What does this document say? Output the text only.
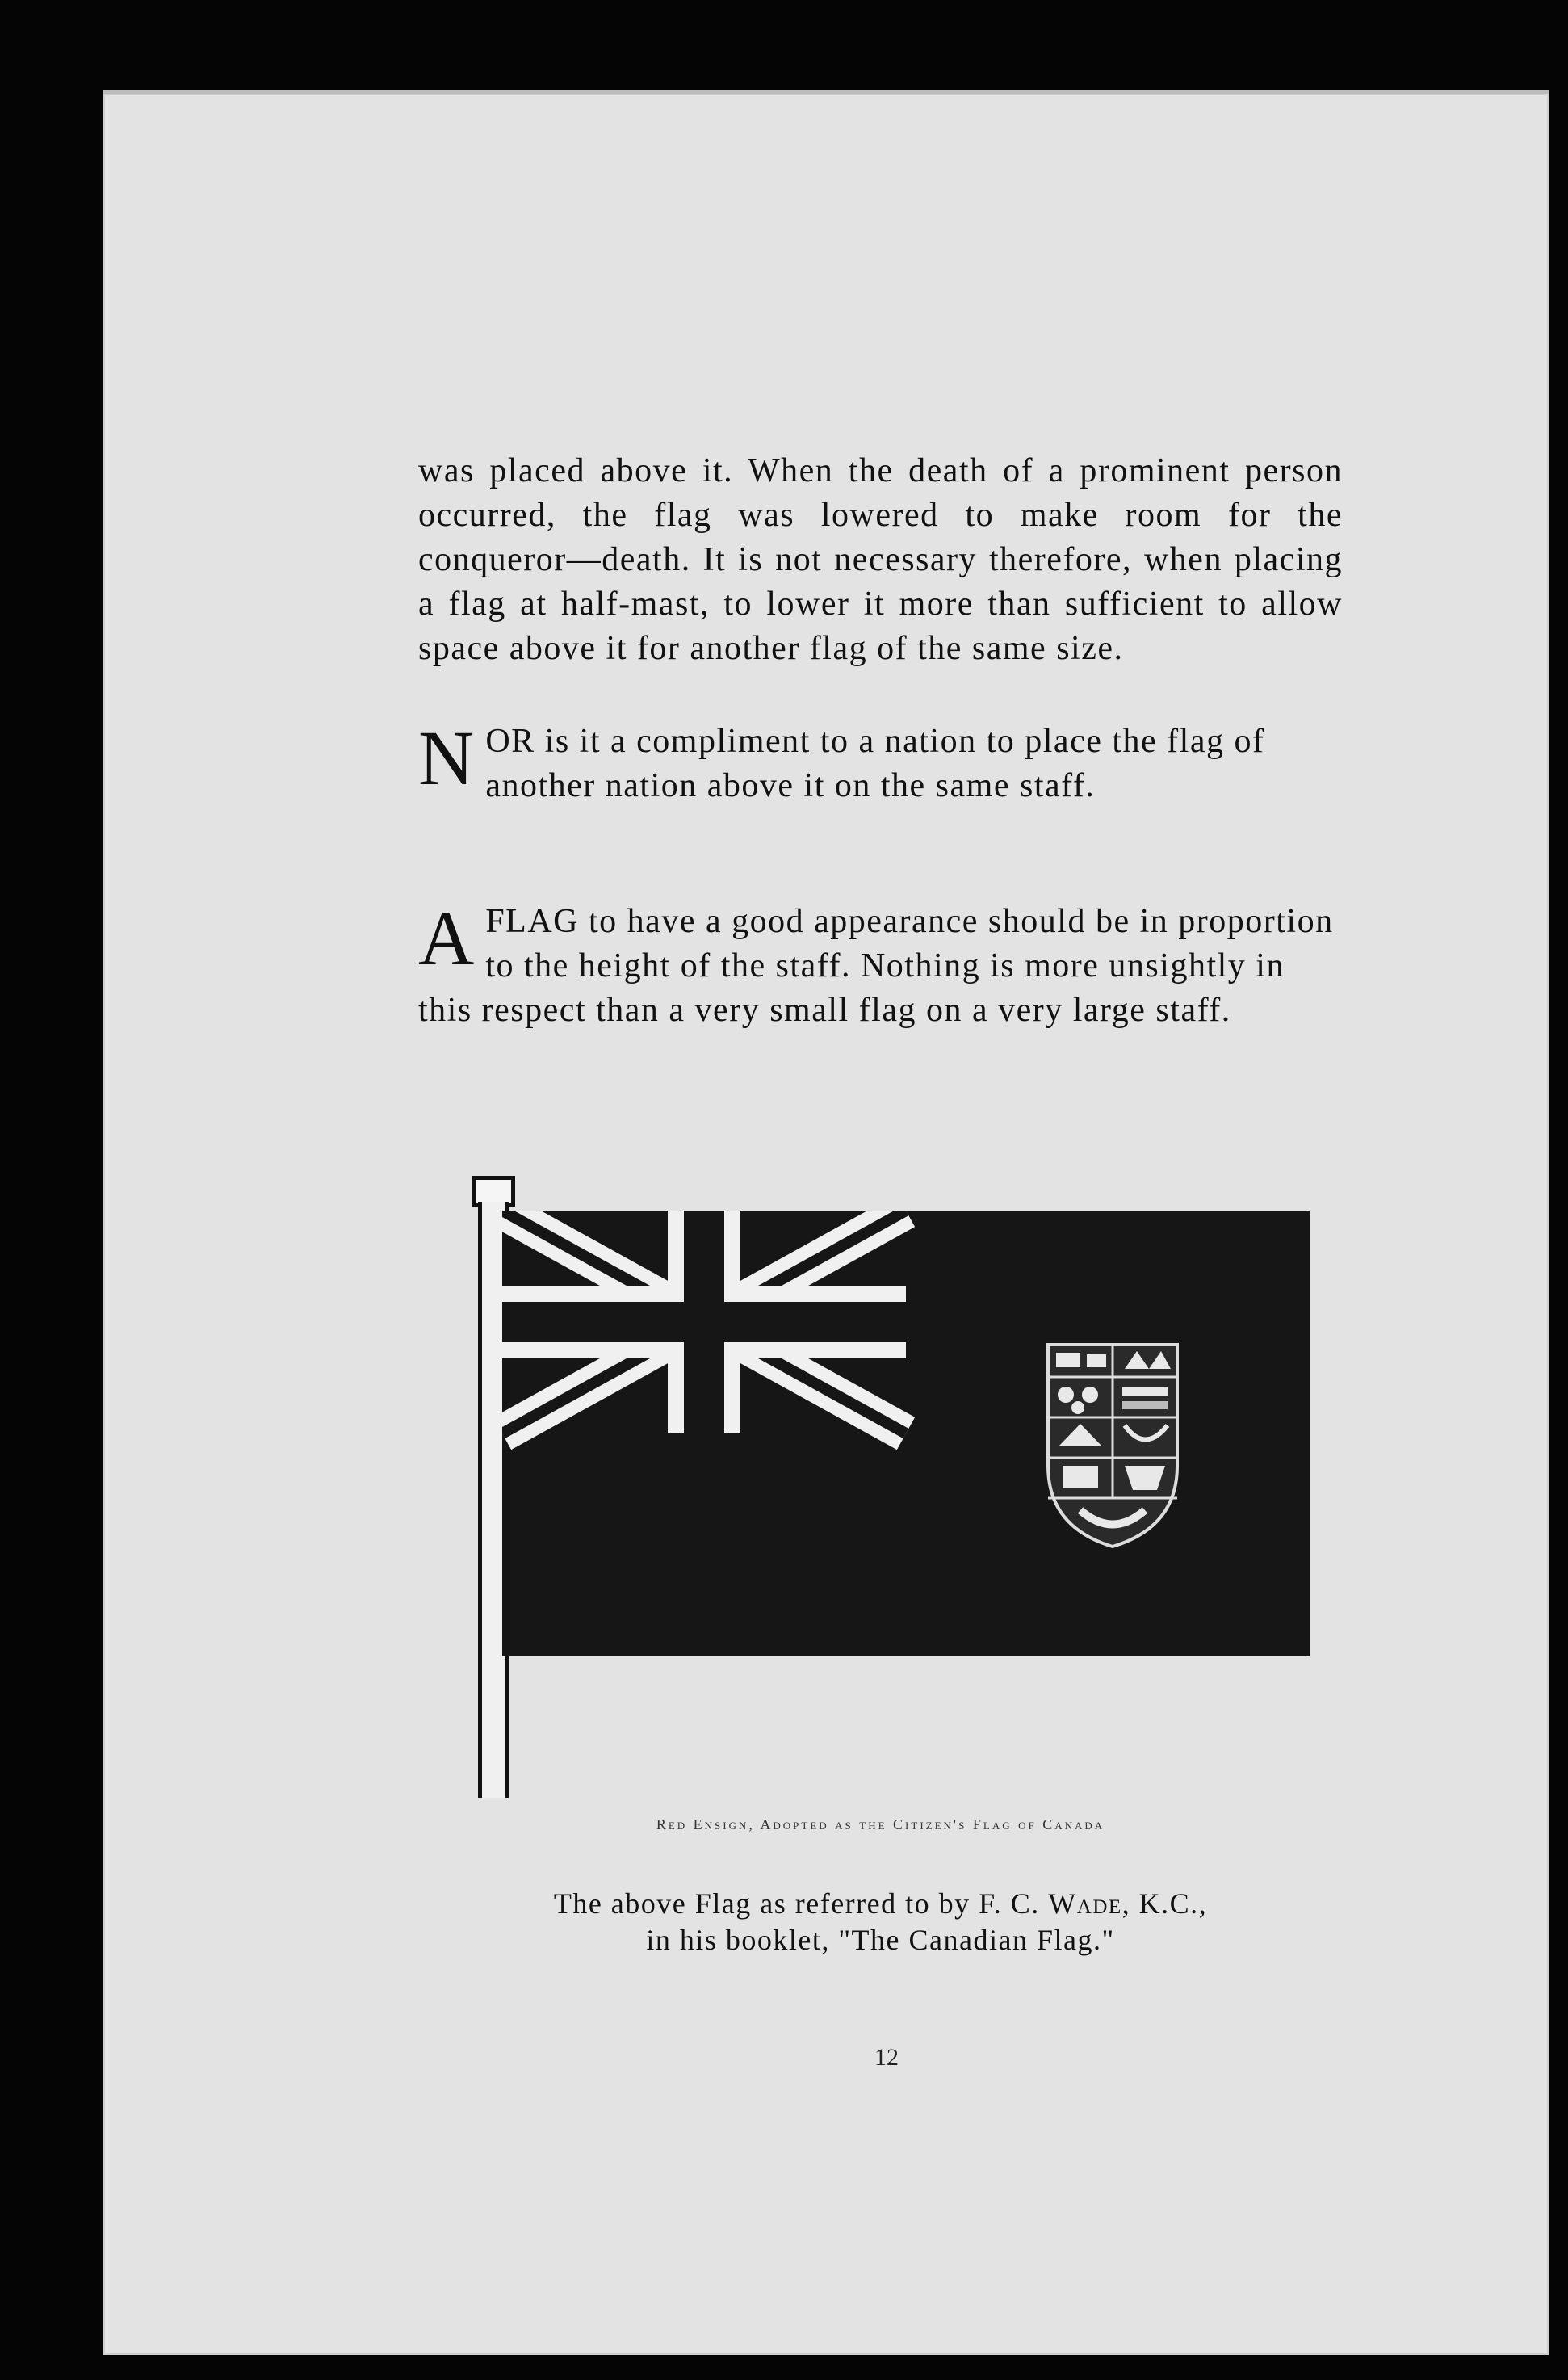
was placed above it. When the death of a prominent person occurred, the flag was lowered to make room for the conqueror—death. It is not necessary therefore, when placing a flag at half-mast, to lower it more than sufficient to allow space above it for another flag of the same size.

N OR is it a compliment to a nation to place the flag of another nation above it on the same staff.
A FLAG to have a good appearance should be in proportion to the height of the staff. Nothing is more unsightly in this respect than a very small flag on a very large staff.

Red Ensign, Adopted as the Citizen's Flag of Canada

The above Flag as referred to by F. C. Wade, K.C.,

in his booklet, "The Canadian Flag."

12
